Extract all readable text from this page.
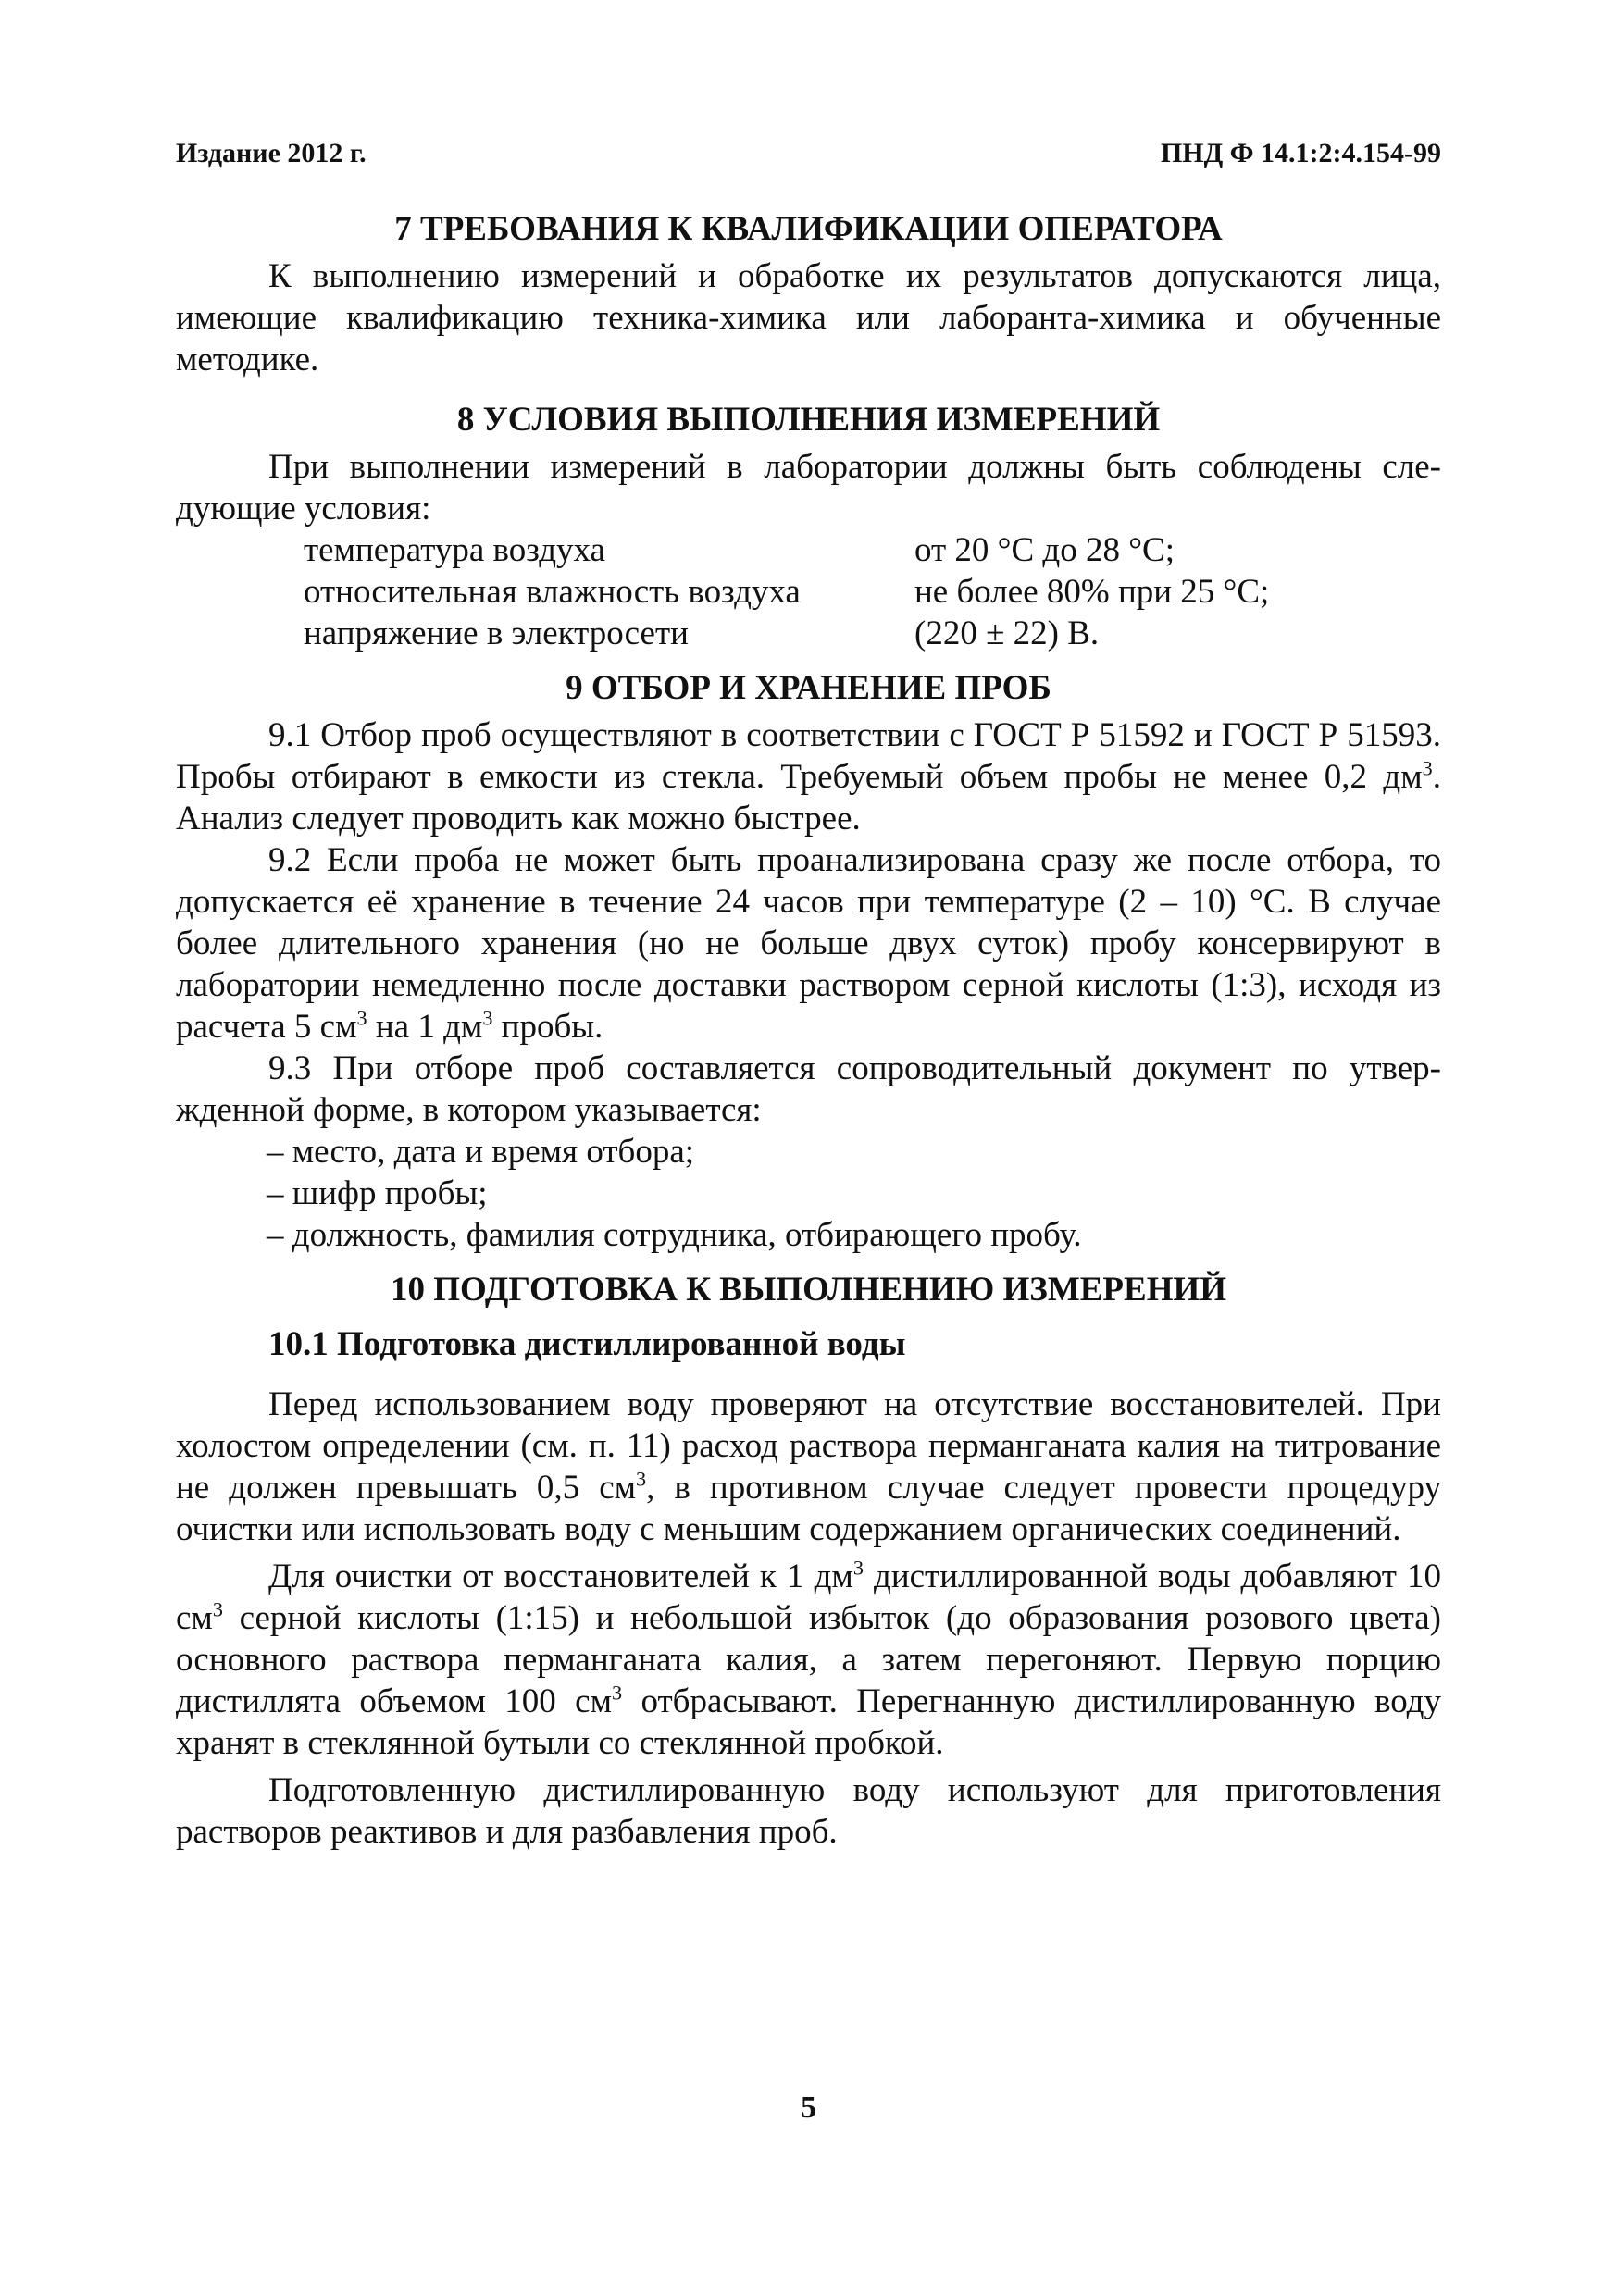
Издание 2012 г.	ПНД Ф 14.1:2:4.154-99
7 ТРЕБОВАНИЯ К КВАЛИФИКАЦИИ ОПЕРАТОРА

К выполнению измерений и обработке их результатов допускаются лица, имеющие квалификацию техника-химика или лаборанта-химика и обученные методике.

8 УСЛОВИЯ ВЫПОЛНЕНИЯ ИЗМЕРЕНИЙ

При выполнении измерений в лаборатории должны быть соблюдены следующие условия:

температура воздуха	от 20 °С до 28 °С;
относительная влажность воздуха	не более 80% при 25 °С;
напряжение в электросети	(220 ± 22) В.
9 ОТБОР И ХРАНЕНИЕ ПРОБ

9.1 Отбор проб осуществляют в соответствии с ГОСТ Р 51592 и ГОСТ Р 51593. Пробы отбирают в емкости из стекла. Требуемый объем пробы не менее 0,2 $дм^3$. Анализ следует проводить как можно быстрее.

9.2 Если проба не может быть проанализирована сразу же после отбора, то допускается её хранение в течение 24 часов при температуре (2 – 10) °С. В случае более длительного хранения (но не больше двух суток) пробу консервируют в лаборатории немедленно после доставки раствором серной кислоты (1:3), исходя из расчета 5 $см^3$ на 1 $дм^3$ пробы.

9.3 При отборе проб составляется сопроводительный документ по утвержденной форме, в котором указывается:

– место, дата и время отбора;
– шифр пробы;
– должность, фамилия сотрудника, отбирающего пробу.
10 ПОДГОТОВКА К ВЫПОЛНЕНИЮ ИЗМЕРЕНИЙ

10.1 Подготовка дистиллированной воды

Перед использованием воду проверяют на отсутствие восстановителей. При холостом определении (см. п. 11) расход раствора перманганата калия на титрование не должен превышать 0,5 $см^3$, в противном случае следует провести процедуру очистки или использовать воду с меньшим содержанием органических соединений.

Для очистки от восстановителей к 1 $дм^3$ дистиллированной воды добавляют 10 $см^3$ серной кислоты (1:15) и небольшой избыток (до образования розового цвета) основного раствора перманганата калия, а затем перегоняют. Первую порцию дистиллята объемом 100 $см^3$ отбрасывают. Перегнанную дистиллированную воду хранят в стеклянной бутыли со стеклянной пробкой.

Подготовленную дистиллированную воду используют для приготовления растворов реактивов и для разбавления проб.

5
